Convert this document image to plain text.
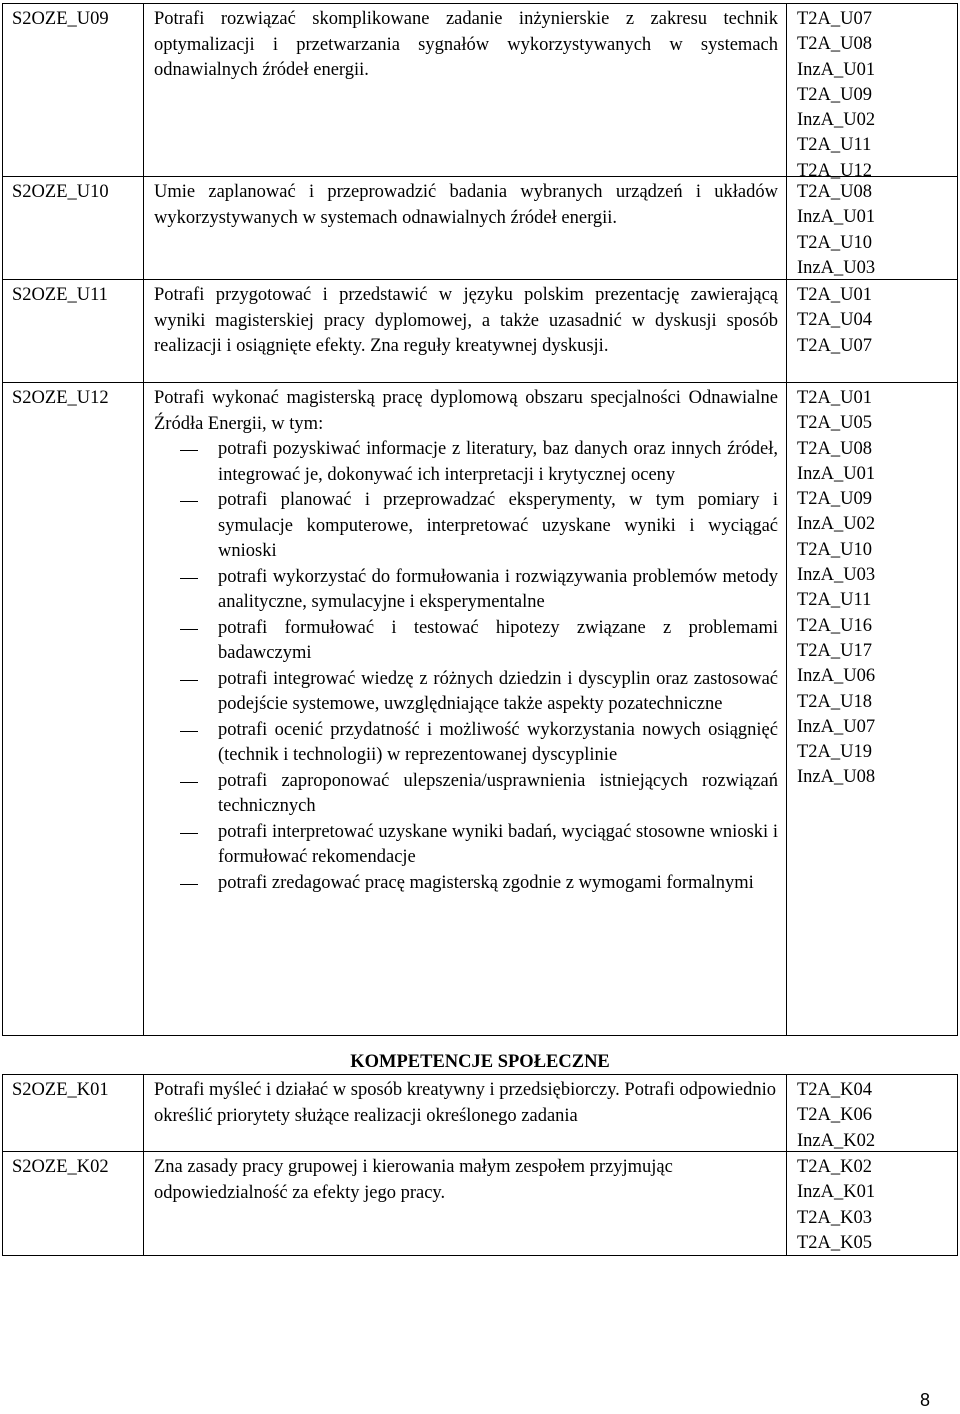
S2OZE_U09	Potrafi rozwiązać skomplikowane zadanie inżynierskie z zakresu technik optymalizacji i przetwarzania sygnałów wykorzystywanych w systemach odnawialnych źródeł energii.
T2A_U07
T2A_U08
InzA_U01
T2A_U09
InzA_U02
T2A_U11
T2A_U12
S2OZE_U10	Umie zaplanować i przeprowadzić badania wybranych urządzeń i układów wykorzystywanych w systemach odnawialnych źródeł energii.
T2A_U08
InzA_U01
T2A_U10
InzA_U03
S2OZE_U11	Potrafi przygotować i przedstawić w języku polskim prezentację zawierającą wyniki magisterskiej pracy dyplomowej, a także uzasadnić w dyskusji sposób realizacji i osiągnięte efekty. Zna reguły kreatywnej dyskusji.
T2A_U01
T2A_U04
T2A_U07
S2OZE_U12	Potrafi wykonać magisterską pracę dyplomową obszaru specjalności Odnawialne Źródła Energii, w tym:
potrafi pozyskiwać informacje z literatury, baz danych oraz innych źródeł, integrować je, dokonywać ich interpretacji i krytycznej oceny
potrafi planować i przeprowadzać eksperymenty, w tym pomiary i symulacje komputerowe, interpretować uzyskane wyniki i wyciągać wnioski
potrafi wykorzystać do formułowania i rozwiązywania problemów metody analityczne, symulacyjne i eksperymentalne
potrafi formułować i testować hipotezy związane z problemami badawczymi
potrafi integrować wiedzę z różnych dziedzin i dyscyplin oraz zastosować podejście systemowe, uwzględniające także aspekty pozatechniczne
potrafi ocenić przydatność i możliwość wykorzystania nowych osiągnięć (technik i technologii) w reprezentowanej dyscyplinie
potrafi zaproponować ulepszenia/usprawnienia istniejących rozwiązań technicznych
potrafi interpretować uzyskane wyniki badań, wyciągać stosowne wnioski i formułować rekomendacje
potrafi zredagować pracę magisterską zgodnie z wymogami formalnymi
T2A_U01
T2A_U05
T2A_U08
InzA_U01
T2A_U09
InzA_U02
T2A_U10
InzA_U03
T2A_U11
T2A_U16
T2A_U17
InzA_U06
T2A_U18
InzA_U07
T2A_U19
InzA_U08
KOMPETENCJE SPOŁECZNE
S2OZE_K01	Potrafi myśleć i działać w sposób kreatywny i przedsiębiorczy. Potrafi odpowiednio określić priorytety służące realizacji określonego zadania
T2A_K04
T2A_K06
InzA_K02
S2OZE_K02	Zna zasady pracy grupowej i kierowania małym zespołem przyjmując odpowiedzialność za efekty jego pracy.
T2A_K02
InzA_K01
T2A_K03
T2A_K05
8
